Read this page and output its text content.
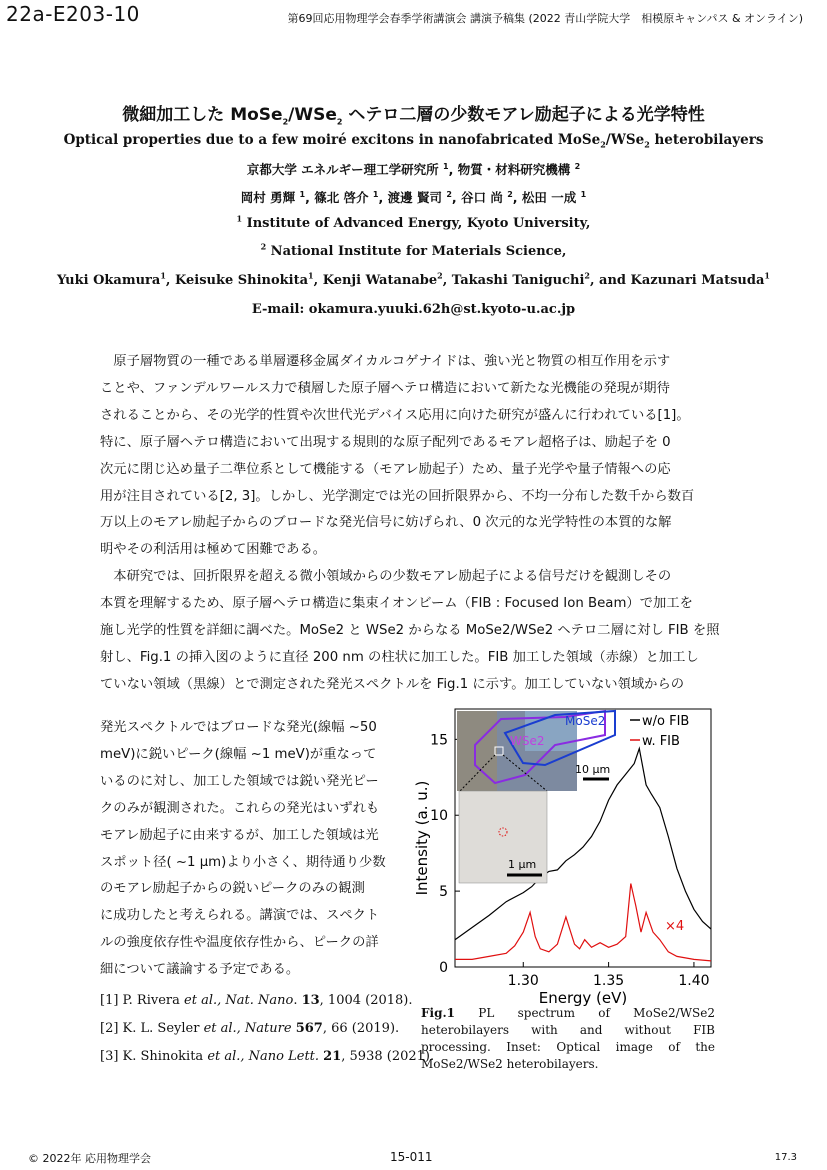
22a-E203-10	第69回応用物理学会春季学術講演会 講演予稿集 (2022 青山学院大学　相模原キャンパス & オンライン)
微細加工した MoSe$_2$/WSe$_2$ ヘテロ二層の少数モアレ励起子による光学特性
Optical properties due to a few moiré excitons in nanofabricated MoSe$_2$/WSe$_2$ heterobilayers
京都大学 エネルギー理工学研究所 $^1$, 物質・材料研究機構 $^2$
岡村 勇輝 $^1$, 篠北 啓介 $^1$, 渡邊 賢司 $^2$, 谷口 尚 $^2$, 松田 一成 $^1$
$^1$ Institute of Advanced Energy, Kyoto University,
$^2$ National Institute for Materials Science,
Yuki Okamura$^1$, Keisuke Shinokita$^1$, Kenji Watanabe$^2$, Takashi Taniguchi$^2$, and Kazunari Matsuda$^1$
E-mail: okamura.yuuki.62h@st.kyoto-u.ac.jp
　原子層物質の一種である単層遷移金属ダイカルコゲナイドは、強い光と物質の相互作用を示す
ことや、ファンデルワールス力で積層した原子層ヘテロ構造において新たな光機能の発現が期待
されることから、その光学的性質や次世代光デバイス応用に向けた研究が盛んに行われている[1]。
特に、原子層ヘテロ構造において出現する規則的な原子配列であるモアレ超格子は、励起子を 0
次元に閉じ込め量子二準位系として機能する（モアレ励起子）ため、量子光学や量子情報への応
用が注目されている[2, 3]。しかし、光学測定では光の回折限界から、不均一分布した数千から数百
万以上のモアレ励起子からのブロードな発光信号に妨げられ、0 次元的な光学特性の本質的な解
明やその利活用は極めて困難である。
　本研究では、回折限界を超える微小領域からの少数モアレ励起子による信号だけを観測しその
本質を理解するため、原子層ヘテロ構造に集束イオンビーム（FIB : Focused Ion Beam）で加工を
施し光学的性質を詳細に調べた。MoSe2 と WSe2 からなる MoSe2/WSe2 ヘテロ二層に対し FIB を照
射し、Fig.1 の挿入図のように直径 200 nm の柱状に加工した。FIB 加工した領域（赤線）と加工し
ていない領域（黒線）とで測定された発光スペクトルを Fig.1 に示す。加工していない領域からの
発光スペクトルではブロードな発光(線幅 ~50
meV)に鋭いピーク(線幅 ~1 meV)が重なって
いるのに対し、加工した領域では鋭い発光ピー
クのみが観測された。これらの発光はいずれも
モアレ励起子に由来するが、加工した領域は光
スポット径( ~1 µm)より小さく、期待通り少数
のモアレ励起子からの鋭いピークのみの観測
に成功したと考えられる。講演では、スペクト
ルの強度依存性や温度依存性から、ピークの詳
細について議論する予定である。
[1] P. Rivera et al., Nat. Nano. 13, 1004 (2018).
[2] K. L. Seyler et al., Nature 567, 66 (2019).
[3] K. Shinokita et al., Nano Lett. 21, 5938 (2021).
1.30	1.35	1.40
0
5
10
15
MoSe2
WSe2
10 µm
1 µm
w/o FIB
w. FIB
×4
Energy (eV)
Intensity (a. u.)
Fig.1 PL spectrum of MoSe2/WSe2 heterobilayers with and without FIB processing. Inset: Optical image of the MoSe2/WSe2 heterobilayers.
© 2022年 応用物理学会	15-011	17.3
